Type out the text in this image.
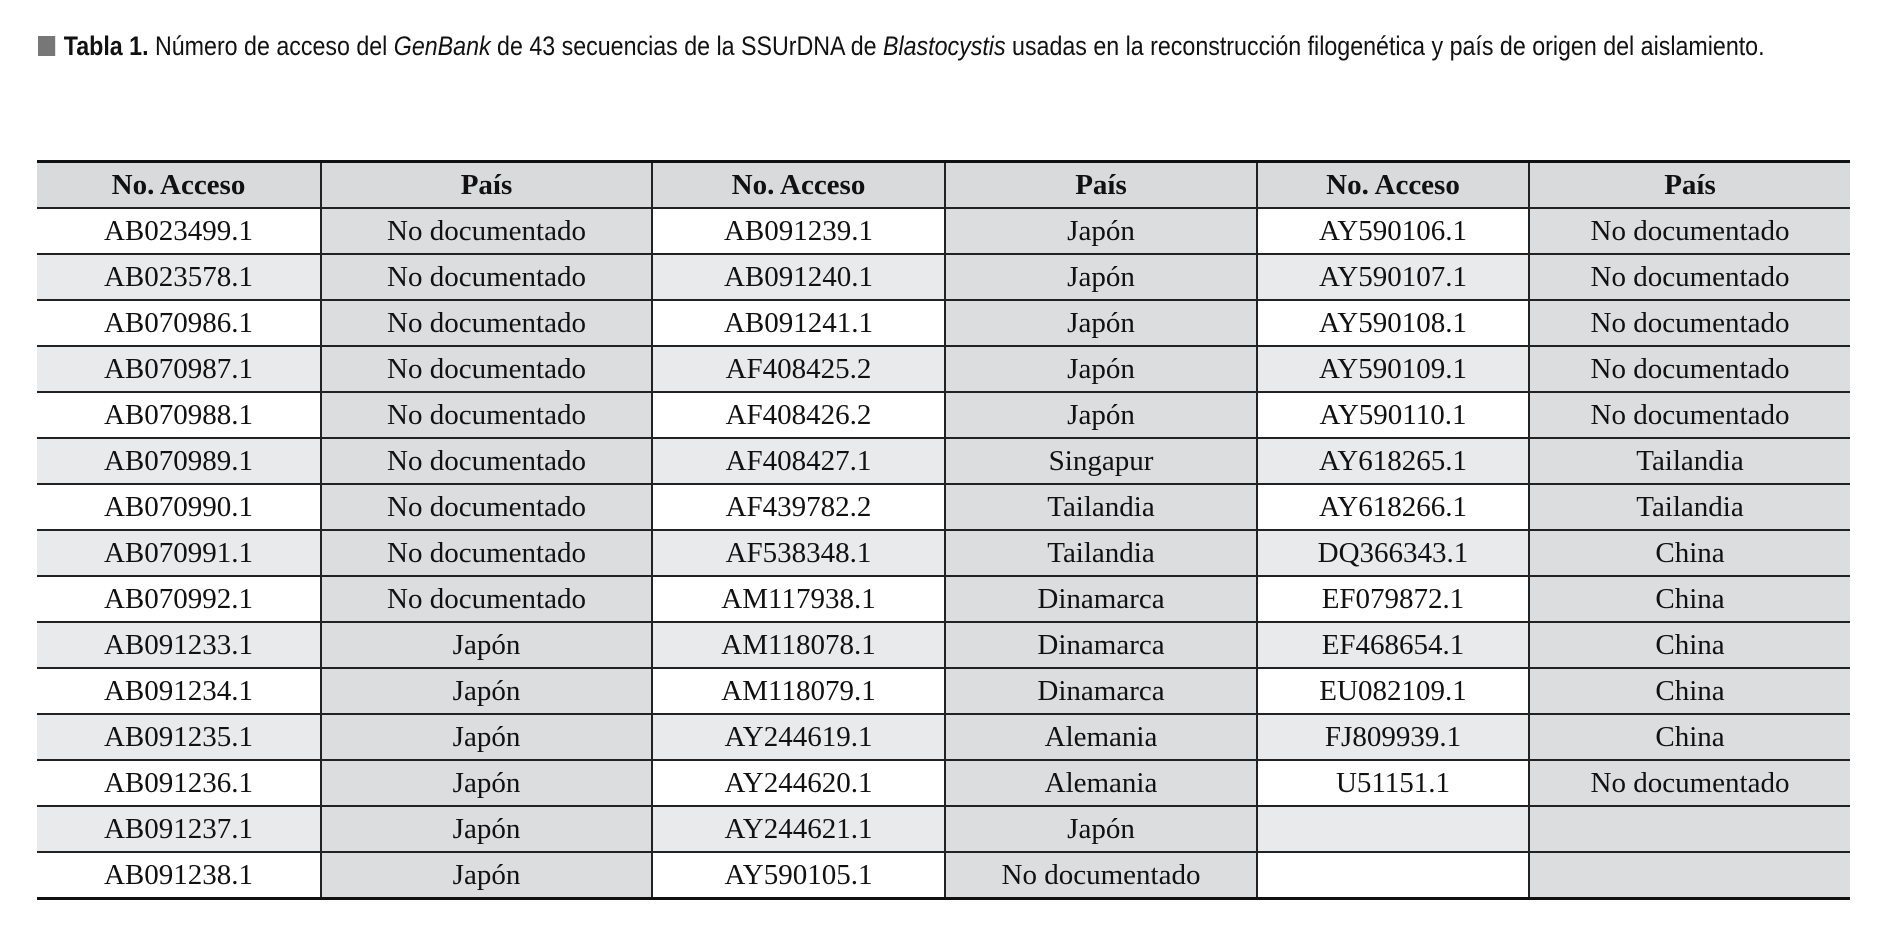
Tabla 1. Número de acceso del GenBank de 43 secuencias de la SSUrDNA de Blastocystis usadas en la reconstrucción filogenética y país de origen del aislamiento.
No. Acceso	País	No. Acceso	País	No. Acceso	País
AB023499.1	No documentado	AB091239.1	Japón	AY590106.1	No documentado
AB023578.1	No documentado	AB091240.1	Japón	AY590107.1	No documentado
AB070986.1	No documentado	AB091241.1	Japón	AY590108.1	No documentado
AB070987.1	No documentado	AF408425.2	Japón	AY590109.1	No documentado
AB070988.1	No documentado	AF408426.2	Japón	AY590110.1	No documentado
AB070989.1	No documentado	AF408427.1	Singapur	AY618265.1	Tailandia
AB070990.1	No documentado	AF439782.2	Tailandia	AY618266.1	Tailandia
AB070991.1	No documentado	AF538348.1	Tailandia	DQ366343.1	China
AB070992.1	No documentado	AM117938.1	Dinamarca	EF079872.1	China
AB091233.1	Japón	AM118078.1	Dinamarca	EF468654.1	China
AB091234.1	Japón	AM118079.1	Dinamarca	EU082109.1	China
AB091235.1	Japón	AY244619.1	Alemania	FJ809939.1	China
AB091236.1	Japón	AY244620.1	Alemania	U51151.1	No documentado
AB091237.1	Japón	AY244621.1	Japón		
AB091238.1	Japón	AY590105.1	No documentado		
